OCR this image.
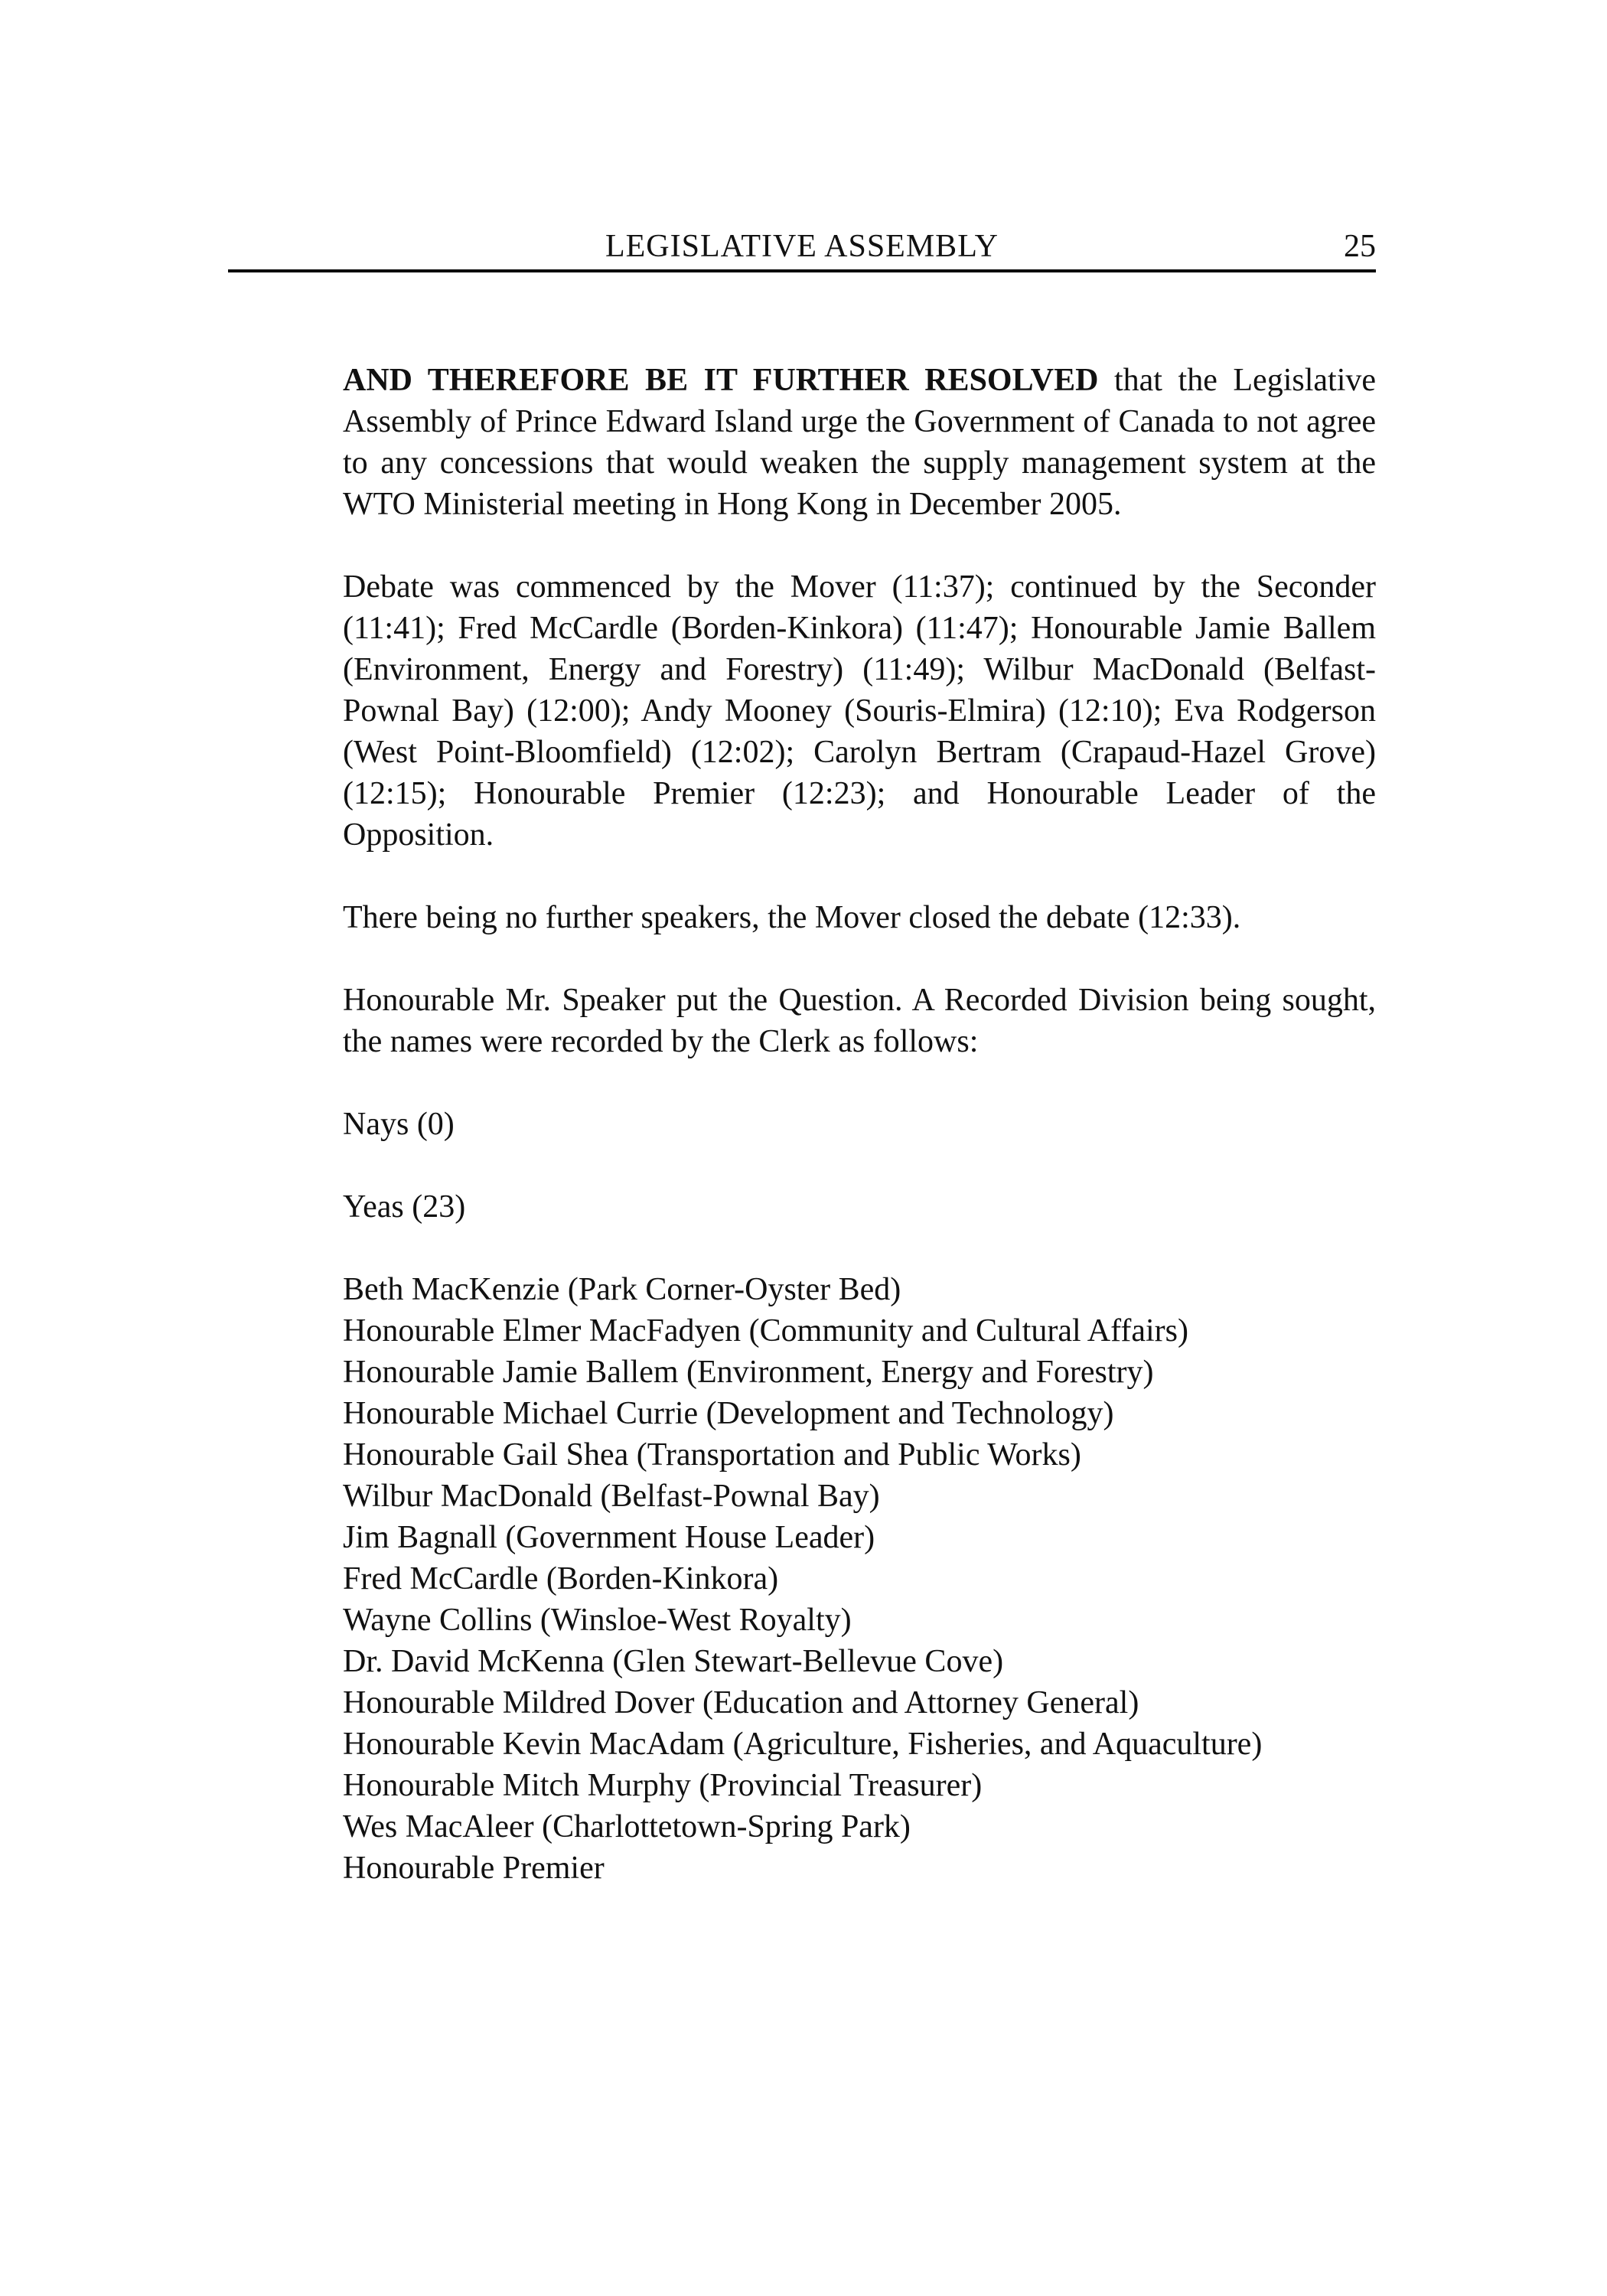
LEGISLATIVE ASSEMBLY	25

AND THEREFORE BE IT FURTHER RESOLVED that the Legislative Assembly of Prince Edward Island urge the Government of Canada to not agree to any concessions that would weaken the supply management system at the WTO Ministerial meeting in Hong Kong in December 2005.

Debate was commenced by the Mover (11:37); continued by the Seconder (11:41); Fred McCardle (Borden-Kinkora) (11:47); Honourable Jamie Ballem (Environment, Energy and Forestry) (11:49); Wilbur MacDonald (Belfast-Pownal Bay) (12:00); Andy Mooney (Souris-Elmira) (12:10); Eva Rodgerson (West Point-Bloomfield) (12:02); Carolyn Bertram (Crapaud-Hazel Grove) (12:15); Honourable Premier (12:23); and Honourable Leader of the Opposition.

There being no further speakers, the Mover closed the debate (12:33).

Honourable Mr. Speaker put the Question. A Recorded Division being sought, the names were recorded by the Clerk as follows:

Nays (0)

Yeas (23)

Beth MacKenzie (Park Corner-Oyster Bed)
Honourable Elmer MacFadyen (Community and Cultural Affairs)
Honourable Jamie Ballem (Environment, Energy and Forestry)
Honourable Michael Currie (Development and Technology)
Honourable Gail Shea (Transportation and Public Works)
Wilbur MacDonald (Belfast-Pownal Bay)
Jim Bagnall (Government House Leader)
Fred McCardle (Borden-Kinkora)
Wayne Collins (Winsloe-West Royalty)
Dr. David McKenna (Glen Stewart-Bellevue Cove)
Honourable Mildred Dover (Education and Attorney General)
Honourable Kevin MacAdam (Agriculture, Fisheries, and Aquaculture)
Honourable Mitch Murphy (Provincial Treasurer)
Wes MacAleer (Charlottetown-Spring Park)
Honourable Premier
